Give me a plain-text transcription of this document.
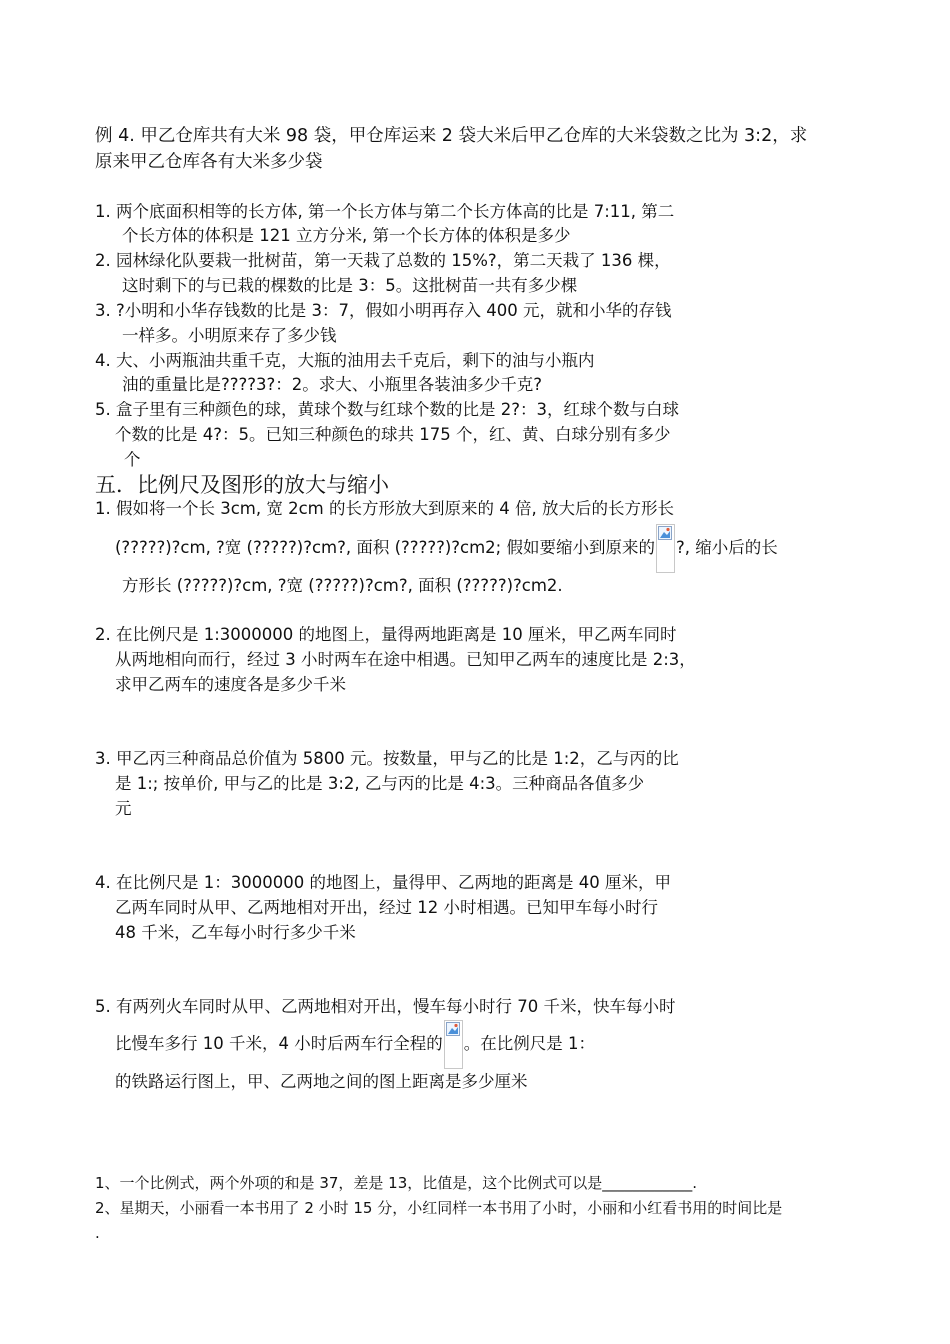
例 4. 甲乙仓库共有大米 98 袋，甲仓库运来 2 袋大米后甲乙仓库的大米袋数之比为 3:2，求
原来甲乙仓库各有大米多少袋
1. 两个底面积相等的长方体, 第一个长方体与第二个长方体高的比是 7:11, 第二
个长方体的体积是 121 立方分米, 第一个长方体的体积是多少
2. 园林绿化队要栽一批树苗，第一天栽了总数的 15%?，第二天栽了 136 棵，
这时剩下的与已栽的棵数的比是 3：5。这批树苗一共有多少棵
3. ?小明和小华存钱数的比是 3：7，假如小明再存入 400 元，就和小华的存钱
一样多。小明原来存了多少钱
4. 大、小两瓶油共重千克，大瓶的油用去千克后，剩下的油与小瓶内
油的重量比是????3?：2。求大、小瓶里各装油多少千克?
5. 盒子里有三种颜色的球，黄球个数与红球个数的比是 2?：3，红球个数与白球
个数的比是 4?：5。已知三种颜色的球共 175 个，红、黄、白球分别有多少
个
五．比例尺及图形的放大与缩小
1. 假如将一个长 3cm, 宽 2cm 的长方形放大到原来的 4 倍, 放大后的长方形长
(?????)?cm, ?宽 (?????)?cm?, 面积 (?????)?cm2; 假如要缩小到原来的 ?, 缩小后的长
方形长 (?????)?cm, ?宽 (?????)?cm?, 面积 (?????)?cm2.
2. 在比例尺是 1:3000000 的地图上，量得两地距离是 10 厘米，甲乙两车同时
从两地相向而行，经过 3 小时两车在途中相遇。已知甲乙两车的速度比是 2:3，
求甲乙两车的速度各是多少千米
3. 甲乙丙三种商品总价值为 5800 元。按数量，甲与乙的比是 1:2，乙与丙的比
是 1:; 按单价, 甲与乙的比是 3:2, 乙与丙的比是 4:3。三种商品各值多少
元
4. 在比例尺是 1：3000000 的地图上，量得甲、乙两地的距离是 40 厘米，甲
乙两车同时从甲、乙两地相对开出，经过 12 小时相遇。已知甲车每小时行
48 千米，乙车每小时行多少千米
5. 有两列火车同时从甲、乙两地相对开出，慢车每小时行 70 千米，快车每小时
比慢车多行 10 千米，4 小时后两车行全程的 。在比例尺是 1：
的铁路运行图上，甲、乙两地之间的图上距离是多少厘米
1、一个比例式，两个外项的和是 37，差是 13，比值是，这个比例式可以是____________.
2、星期天，小丽看一本书用了 2 小时 15 分，小红同样一本书用了小时，小丽和小红看书用的时间比是
.
